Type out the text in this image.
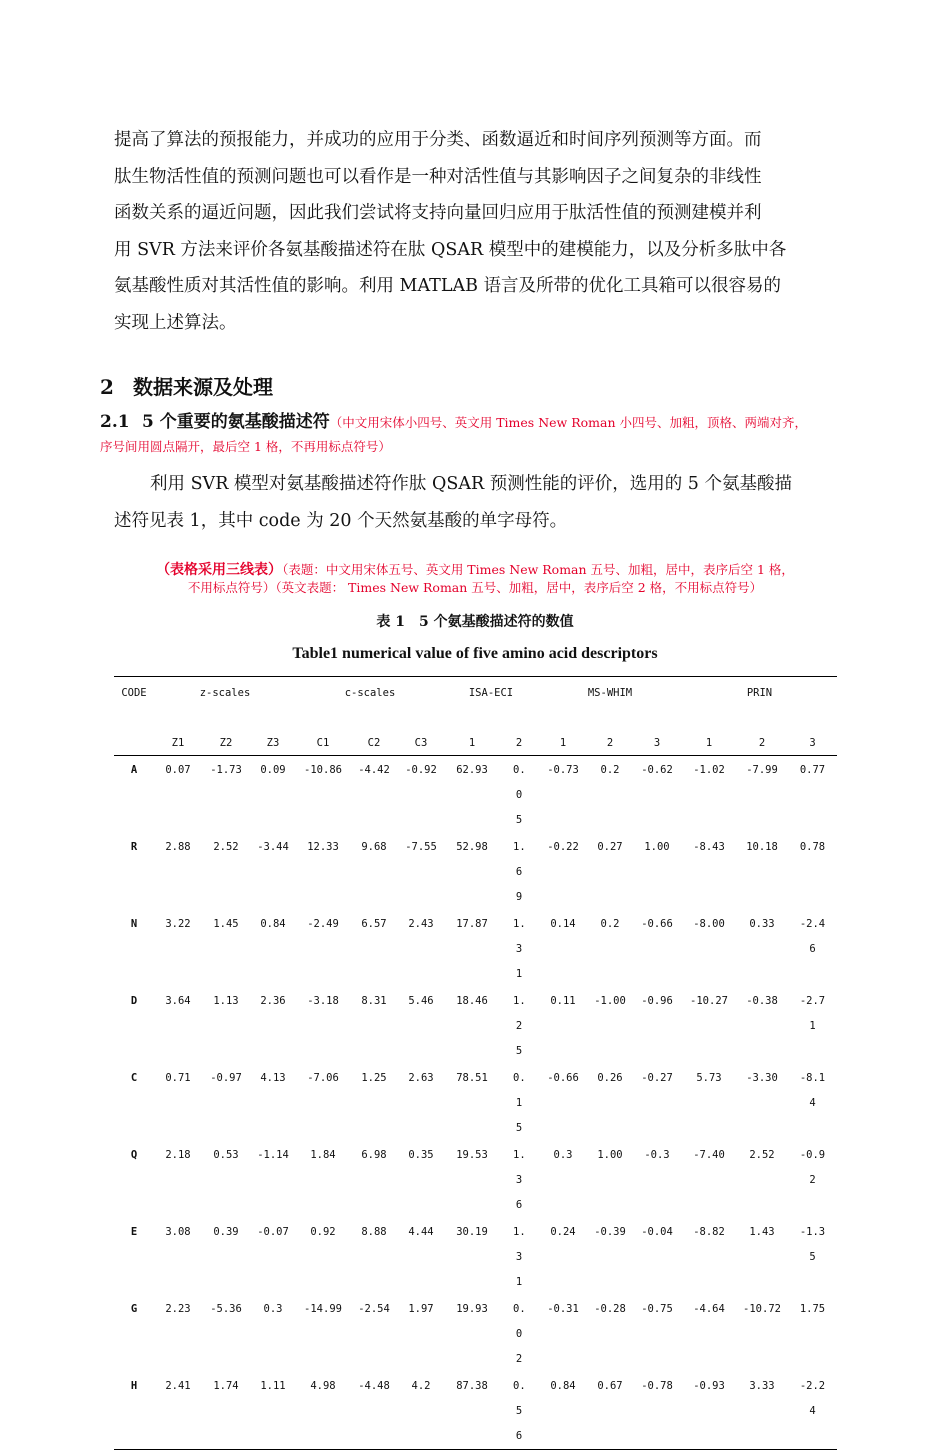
提高了算法的预报能力，并成功的应用于分类、函数逼近和时间序列预测等方面。而
肽生物活性值的预测问题也可以看作是一种对活性值与其影响因子之间复杂的非线性
函数关系的逼近问题，因此我们尝试将支持向量回归应用于肽活性值的预测建模并利
用 SVR 方法来评价各氨基酸描述符在肽 QSAR 模型中的建模能力，以及分析多肽中各
氨基酸性质对其活性值的影响。利用 MATLAB 语言及所带的优化工具箱可以很容易的
实现上述算法。
2 数据来源及处理
2.1 5 个重要的氨基酸描述符（中文用宋体小四号、英文用 Times New Roman 小四号、加粗，顶格、两端对齐，
序号间用圆点隔开，最后空 1 格，不再用标点符号）
利用 SVR 模型对氨基酸描述符作肽 QSAR 预测性能的评价，选用的 5 个氨基酸描
述符见表 1，其中 code 为 20 个天然氨基酸的单字母符。
（表格采用三线表）（表题：中文用宋体五号、英文用 Times New Roman 五号、加粗，居中，表序后空 1 格，
不用标点符号）（英文表题： Times New Roman 五号、加粗，居中，表序后空 2 格，不用标点符号）
表 1　5 个氨基酸描述符的数值
Table1 numerical value of five amino acid descriptors
CODE	z-scales			c-scales			ISA-ECI		MS-WHIM			PRIN		
	Z1	Z2	Z3	C1	C2	C3	1	2	1	2	3	1	2	3
A	0.07	-1.73	0.09	-10.86	-4.42	-0.92	62.93	0.05	-0.73	0.2	-0.62	-1.02	-7.99	0.77
R	2.88	2.52	-3.44	12.33	9.68	-7.55	52.98	1.69	-0.22	0.27	1.00	-8.43	10.18	0.78
N	3.22	1.45	0.84	-2.49	6.57	2.43	17.87	1.31	0.14	0.2	-0.66	-8.00	0.33	-2.46
D	3.64	1.13	2.36	-3.18	8.31	5.46	18.46	1.25	0.11	-1.00	-0.96	-10.27	-0.38	-2.71
C	0.71	-0.97	4.13	-7.06	1.25	2.63	78.51	0.15	-0.66	0.26	-0.27	5.73	-3.30	-8.14
Q	2.18	0.53	-1.14	1.84	6.98	0.35	19.53	1.36	0.3	1.00	-0.3	-7.40	2.52	-0.92
E	3.08	0.39	-0.07	0.92	8.88	4.44	30.19	1.31	0.24	-0.39	-0.04	-8.82	1.43	-1.35
G	2.23	-5.36	0.3	-14.99	-2.54	1.97	19.93	0.02	-0.31	-0.28	-0.75	-4.64	-10.72	1.75
H	2.41	1.74	1.11	4.98	-4.48	4.2	87.38	0.56	0.84	0.67	-0.78	-0.93	3.33	-2.24
